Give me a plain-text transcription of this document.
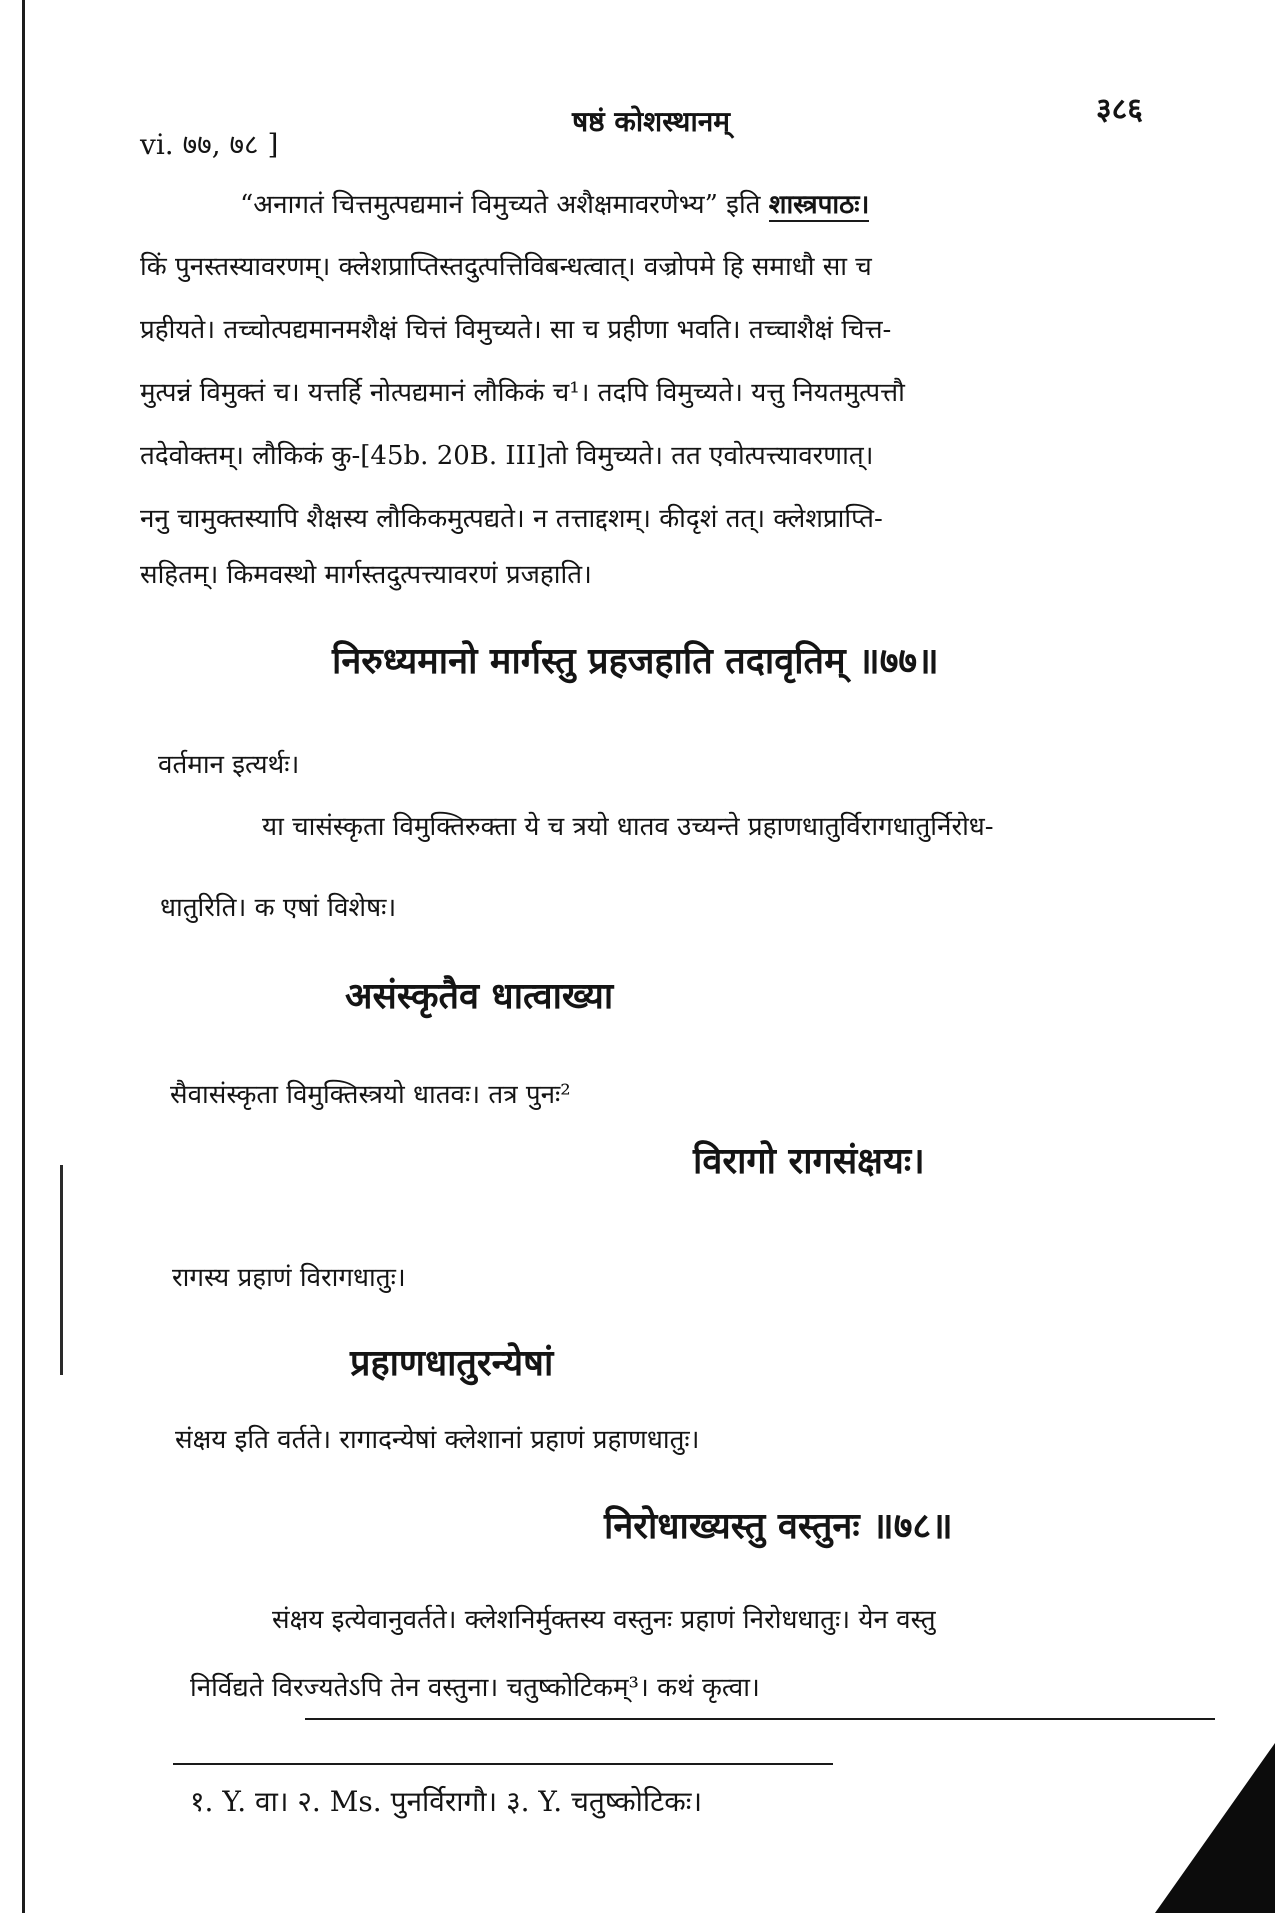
vi. ७७, ७८ ]
षष्ठं कोशस्थानम्	३८६
“अनागतं चित्तमुत्पद्यमानं विमुच्यते अशैक्षमावरणेभ्य” इति शास्त्रपाठः।
किं पुनस्तस्यावरणम्। क्लेशप्राप्तिस्तदुत्पत्तिविबन्धत्वात्। वज्रोपमे हि समाधौ सा च
प्रहीयते। तच्चोत्पद्यमानमशैक्षं चित्तं विमुच्यते। सा च प्रहीणा भवति। तच्चाशैक्षं चित्त-
मुत्पन्नं विमुक्तं च। यत्तर्हि नोत्पद्यमानं लौकिकं च¹। तदपि विमुच्यते। यत्तु नियतमुत्पत्तौ
तदेवोक्तम्। लौकिकं कु-[45b. 20B. III]तो विमुच्यते। तत एवोत्पत्त्यावरणात्।
ननु चामुक्तस्यापि शैक्षस्य लौकिकमुत्पद्यते। न तत्ताद्दशम्। कीदृशं तत्। क्लेशप्राप्ति-
सहितम्। किमवस्थो मार्गस्तदुत्पत्त्यावरणं प्रजहाति।
निरुध्यमानो मार्गस्तु प्रहजहाति तदावृतिम् ॥७७॥
वर्तमान इत्यर्थः।
या चासंस्कृता विमुक्तिरुक्ता ये च त्रयो धातव उच्यन्ते प्रहाणधातुर्विरागधातुर्निरोध-
धातुरिति। क एषां विशेषः।
असंस्कृतैव धात्वाख्या
सैवासंस्कृता विमुक्तिस्त्रयो धातवः। तत्र पुनः²
विरागो रागसंक्षयः।
रागस्य प्रहाणं विरागधातुः।
प्रहाणधातुरन्येषां
संक्षय इति वर्तते। रागादन्येषां क्लेशानां प्रहाणं प्रहाणधातुः।
निरोधाख्यस्तु वस्तुनः ॥७८॥
संक्षय इत्येवानुवर्तते। क्लेशनिर्मुक्तस्य वस्तुनः प्रहाणं निरोधधातुः। येन वस्तु
निर्विद्यते विरज्यतेऽपि तेन वस्तुना। चतुष्कोटिकम्³। कथं कृत्वा।
१. Y. वा। २. Ms. पुनर्विरागौ। ३. Y. चतुष्कोटिकः।
